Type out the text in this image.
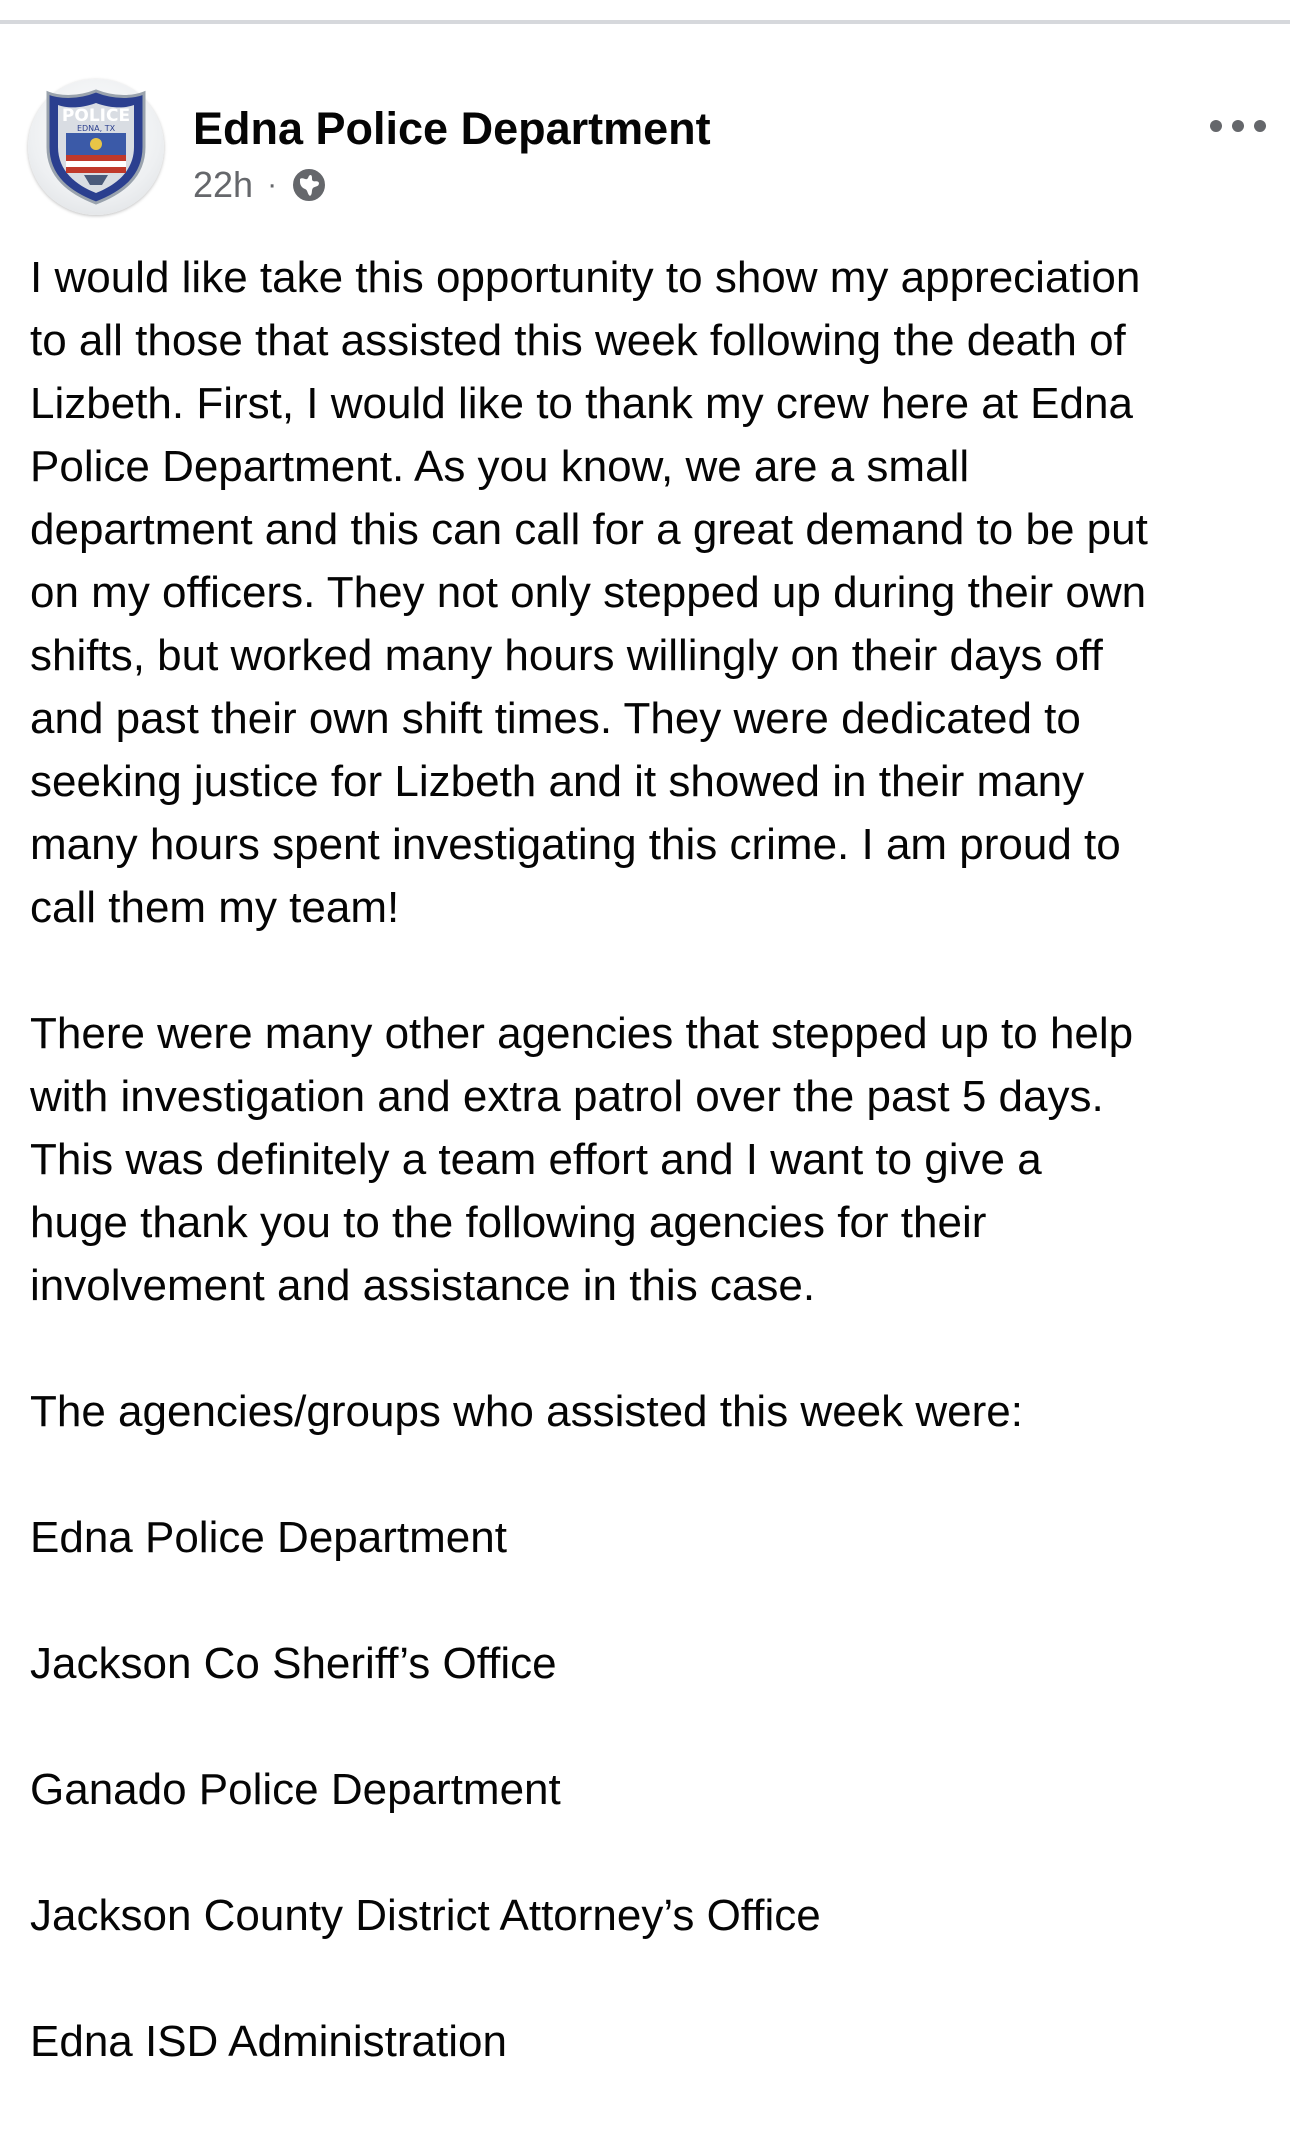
POLICE
EDNA, TX Edna Police Department
22h ·
I would like take this opportunity to show my appreciation
to all those that assisted this week following the death of
Lizbeth. First, I would like to thank my crew here at Edna
Police Department. As you know, we are a small
department and this can call for a great demand to be put
on my officers. They not only stepped up during their own
shifts, but worked many hours willingly on their days off
and past their own shift times. They were dedicated to
seeking justice for Lizbeth and it showed in their many
many hours spent investigating this crime. I am proud to
call them my team!
There were many other agencies that stepped up to help
with investigation and extra patrol over the past 5 days.
This was definitely a team effort and I want to give a
huge thank you to the following agencies for their
involvement and assistance in this case.
The agencies/groups who assisted this week were:
Edna Police Department
Jackson Co Sheriff’s Office
Ganado Police Department
Jackson County District Attorney’s Office
Edna ISD Administration
